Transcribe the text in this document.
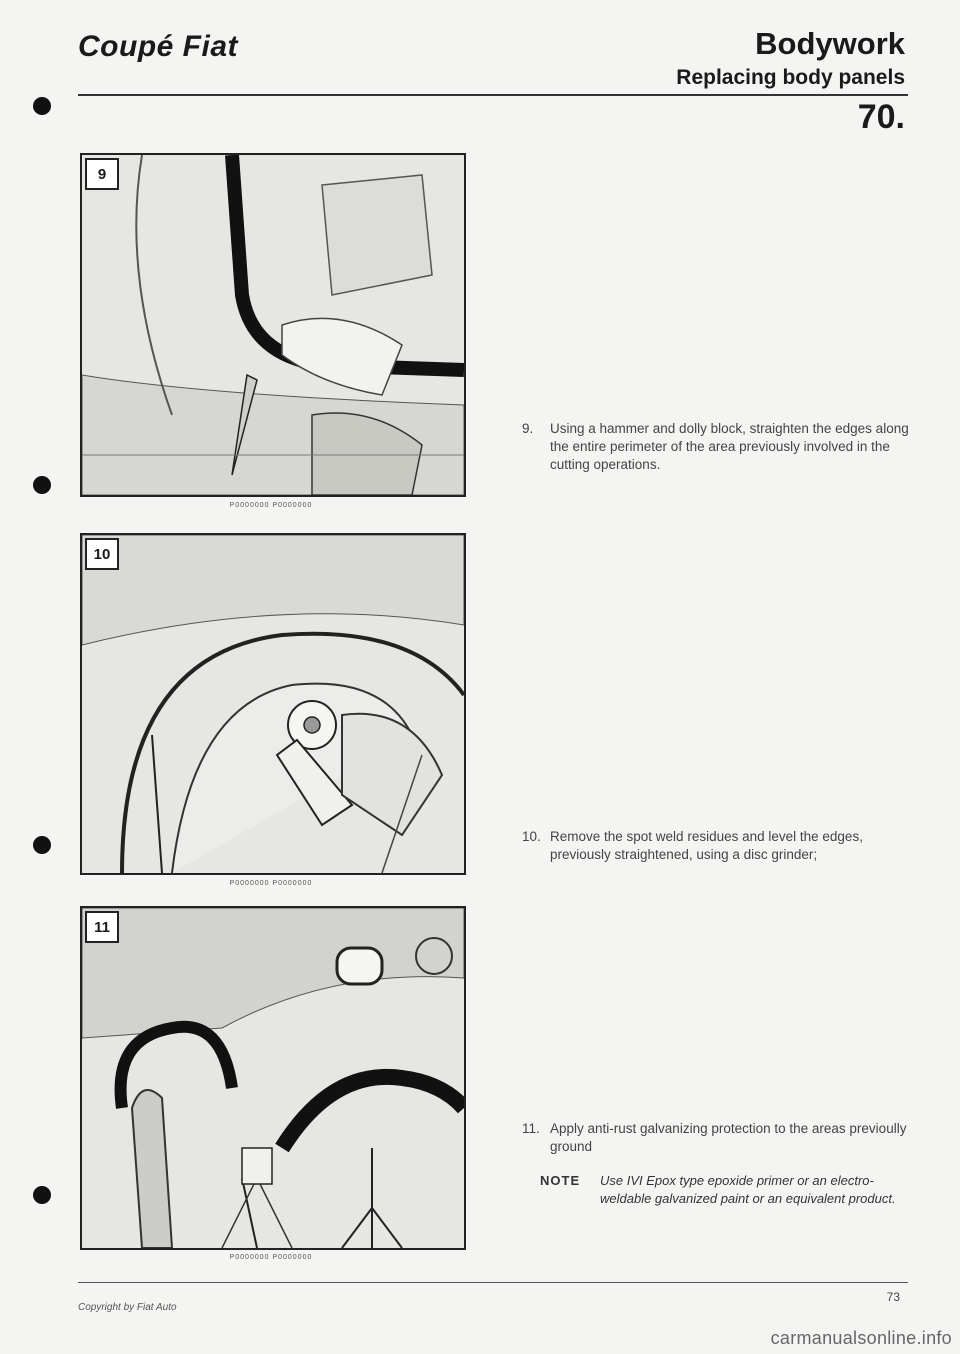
Coupé Fiat	Bodywork
Replacing body panels
70.
9
P0000000 P0000000
10
P0000000 P0000000
11
P0000000 P0000000
9.	Using a hammer and dolly block, straighten the edges along the entire perimeter of the area previously involved in the cutting operations.
10. Remove the spot weld residues and level the edges, previously straightened, using a disc grinder;
11. Apply anti-rust galvanizing protection to the areas previoully ground
NOTE	Use IVI Epox type epoxide primer or an electro-weldable galvanized paint or an equivalent product.
Copyright by Fiat Auto
73
carmanualsonline.info
